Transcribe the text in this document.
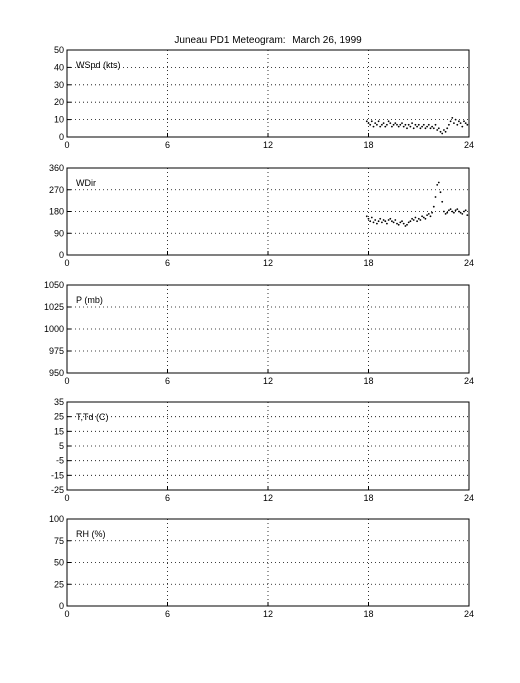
Juneau PD1 Meteogram: March 26, 1999
0	6	12	18	24
50
40
30
20
10
0
WSpd (kts)
0	6	12	18	24
360
270
180
90
0
WDir
0	6	12	18	24
1050
1025
1000
975
950
P (mb)
0	6	12	18	24
35
25
15
5
-5
-15
-25
T,Td (C)
0	6	12	18	24
100
75
50
25
0
RH (%)
